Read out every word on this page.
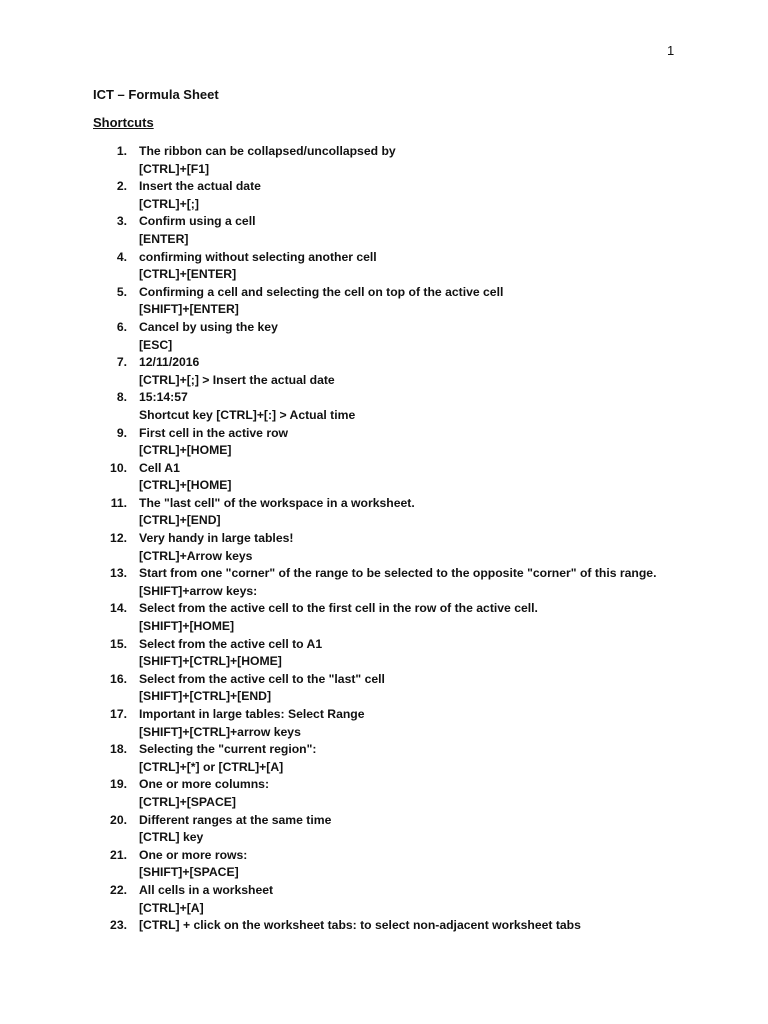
1
ICT – Formula Sheet
Shortcuts
1. The ribbon can be collapsed/uncollapsed by
[CTRL]+[F1]
2. Insert the actual date
[CTRL]+[;]
3. Confirm using a cell
[ENTER]
4. confirming without selecting another cell
[CTRL]+[ENTER]
5. Confirming a cell and selecting the cell on top of the active cell
[SHIFT]+[ENTER]
6. Cancel by using the key
[ESC]
7. 12/11/2016
[CTRL]+[;] > Insert the actual date
8. 15:14:57
Shortcut key [CTRL]+[:] > Actual time
9. First cell in the active row
[CTRL]+[HOME]
10. Cell A1
[CTRL]+[HOME]
11. The "last cell" of the workspace in a worksheet.
[CTRL]+[END]
12. Very handy in large tables!
[CTRL]+Arrow keys
13. Start from one "corner" of the range to be selected to the opposite "corner" of this range.
[SHIFT]+arrow keys:
14. Select from the active cell to the first cell in the row of the active cell.
[SHIFT]+[HOME]
15. Select from the active cell to A1
[SHIFT]+[CTRL]+[HOME]
16. Select from the active cell to the "last" cell
[SHIFT]+[CTRL]+[END]
17. Important in large tables: Select Range
[SHIFT]+[CTRL]+arrow keys
18. Selecting the "current region":
[CTRL]+[*] or [CTRL]+[A]
19. One or more columns:
[CTRL]+[SPACE]
20. Different ranges at the same time
[CTRL] key
21. One or more rows:
[SHIFT]+[SPACE]
22. All cells in a worksheet
[CTRL]+[A]
23. [CTRL] + click on the worksheet tabs: to select non-adjacent worksheet tabs
